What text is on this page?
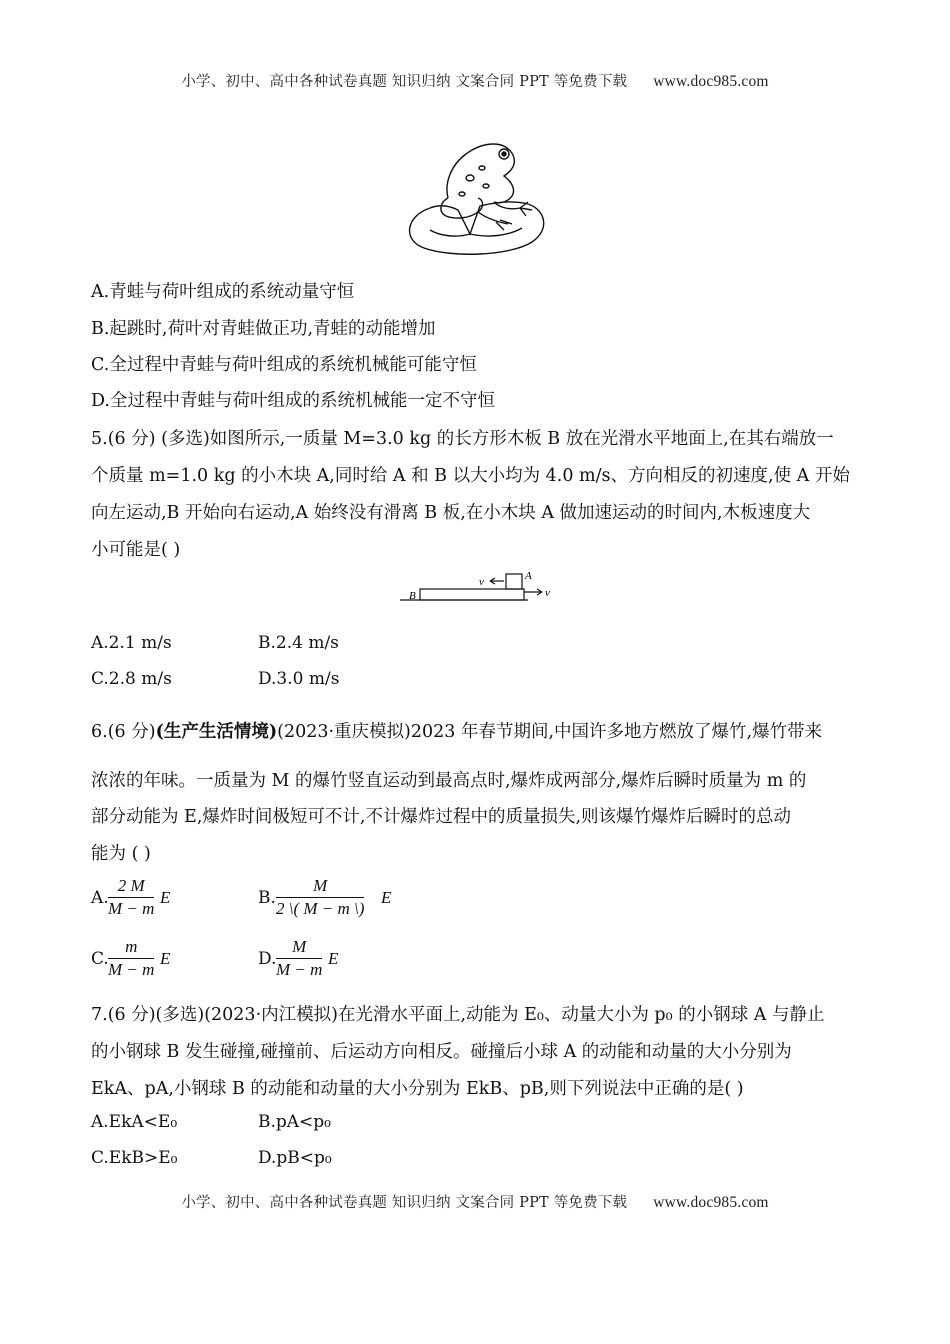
小学、初中、高中各种试卷真题 知识归纳 文案合同 PPT 等免费下载 www.doc985.com
A.青蛙与荷叶组成的系统动量守恒
B.起跳时,荷叶对青蛙做正功,青蛙的动能增加
C.全过程中青蛙与荷叶组成的系统机械能可能守恒
D.全过程中青蛙与荷叶组成的系统机械能一定不守恒
5.(6 分) (多选)如图所示,一质量 M=3.0 kg 的长方形木板 B 放在光滑水平地面上,在其右端放一
个质量 m=1.0 kg 的小木块 A,同时给 A 和 B 以大小均为 4.0 m/s、方向相反的初速度,使 A 开始
向左运动,B 开始向右运动,A 始终没有滑离 B 板,在小木块 A 做加速运动的时间内,木板速度大
小可能是( )
v	A
B	v
A.2.1 m/s	B.2.4 m/s
C.2.8 m/s	D.3.0 m/s
6.(6 分)(生产生活情境)(2023·重庆模拟)2023 年春节期间,中国许多地方燃放了爆竹,爆竹带来
浓浓的年味。一质量为 M 的爆竹竖直运动到最高点时,爆炸成两部分,爆炸后瞬时质量为 m 的
部分动能为 E,爆炸时间极短可不计,不计爆炸过程中的质量损失,则该爆竹爆炸后瞬时的总动
能为 ( )
A. $\frac{2 M}{M - m}$ E	B. $\frac{M}{2 \backslash( M - m \backslash)}$ E
C. $\frac{m}{M - m}$ E	D. $\frac{M}{M - m}$ E
7.(6 分)(多选)(2023·内江模拟)在光滑水平面上,动能为 E₀、动量大小为 p₀ 的小钢球 A 与静止
的小钢球 B 发生碰撞,碰撞前、后运动方向相反。碰撞后小球 A 的动能和动量的大小分别为
EkA、pA,小钢球 B 的动能和动量的大小分别为 EkB、pB,则下列说法中正确的是( )
A.EkA<E₀	B.pA<p₀
C.EkB>E₀	D.pB<p₀
小学、初中、高中各种试卷真题 知识归纳 文案合同 PPT 等免费下载 www.doc985.com
